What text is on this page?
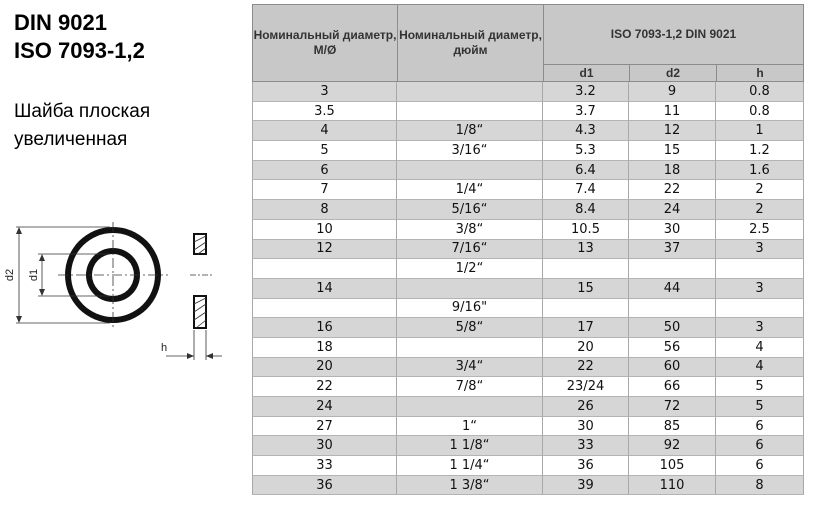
DIN 9021
ISO 7093-1,2
Шайба плоская
увеличенная
d2 d1
h
Номинальный диаметр, М/Ø
Номинальный диаметр, дюйм
ISO 7093-1,2 DIN 9021
d1	d2	h
3	3.2	9	0.8
3.5	3.7	11	0.8
4	1/8“	4.3	12	1
5	3/16“	5.3	15	1.2
6	6.4	18	1.6
7	1/4“	7.4	22	2
8	5/16“	8.4	24	2
10	3/8“	10.5	30	2.5
12	7/16“	13	37	3
1/2“
14	15	44	3
9/16"
16	5/8“	17	50	3
18	20	56	4
20	3/4“	22	60	4
22	7/8“	23/24	66	5
24	26	72	5
27	1“	30	85	6
30	1 1/8“	33	92	6
33	1 1/4“	36	105	6
36	1 3/8“	39	110	8
